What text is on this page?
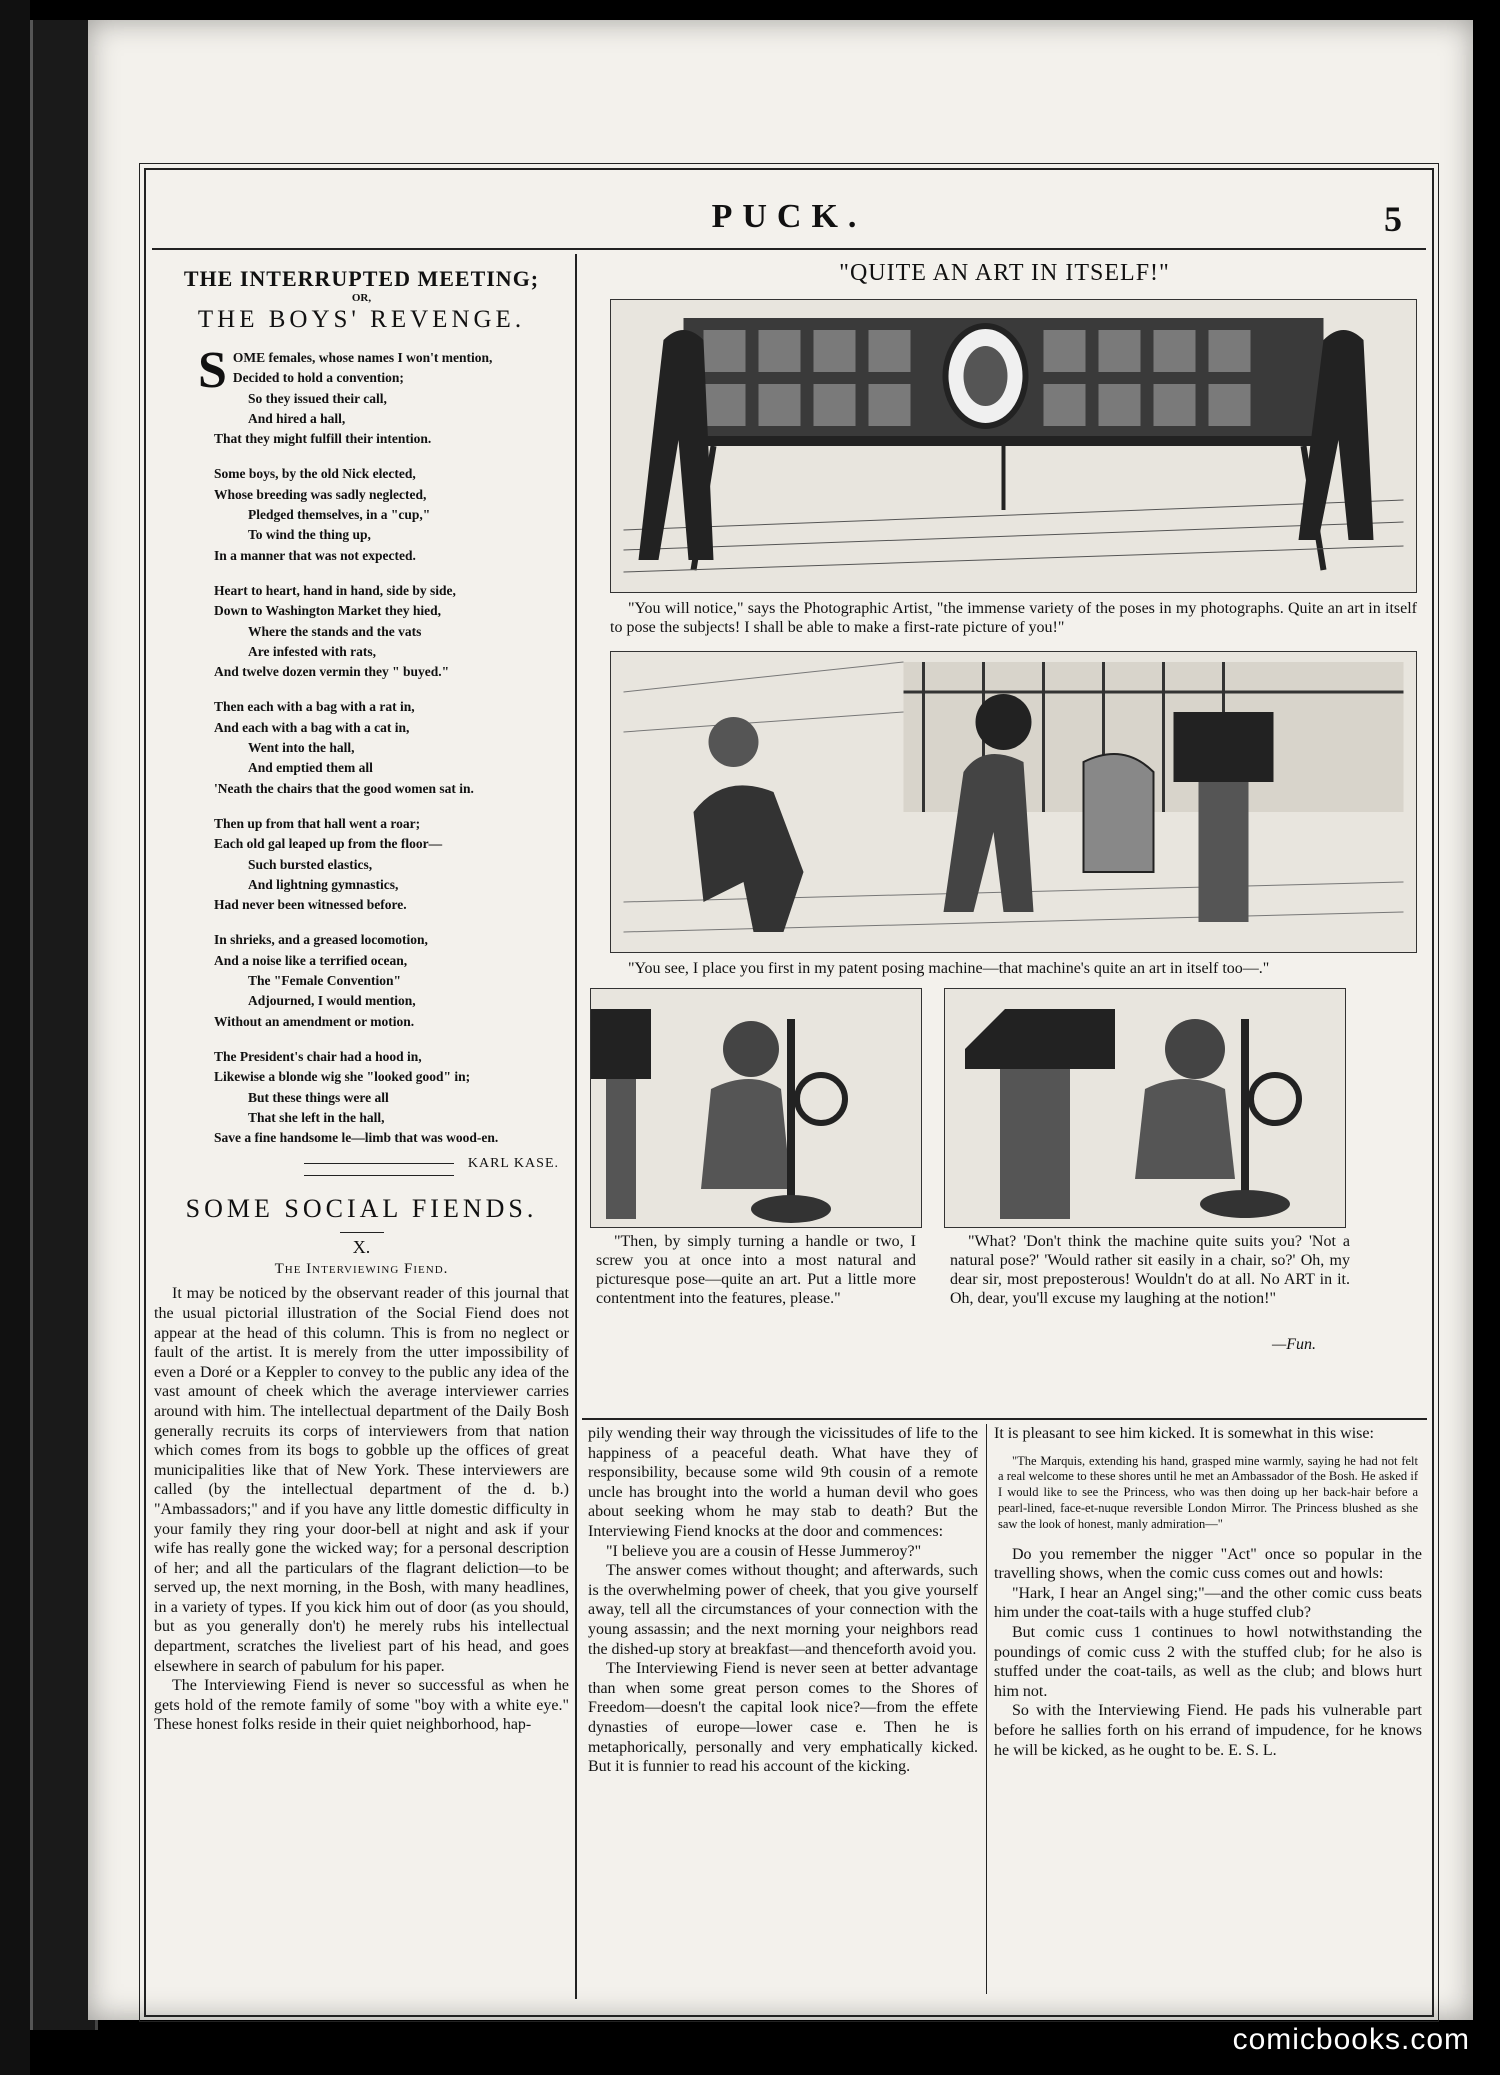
PUCK.	5
THE INTERRUPTED MEETING;
OR,
THE BOYS' REVENGE.
SOME females, whose names I won't mention,
Decided to hold a convention;
So they issued their call,
And hired a hall,
That they might fulfill their intention.
Some boys, by the old Nick elected,
Whose breeding was sadly neglected,
Pledged themselves, in a "cup,"
To wind the thing up,
In a manner that was not expected.
Heart to heart, hand in hand, side by side,
Down to Washington Market they hied,
Where the stands and the vats
Are infested with rats,
And twelve dozen vermin they " buyed."
Then each with a bag with a rat in,
And each with a bag with a cat in,
Went into the hall,
And emptied them all
'Neath the chairs that the good women sat in.
Then up from that hall went a roar;
Each old gal leaped up from the floor—
Such bursted elastics,
And lightning gymnastics,
Had never been witnessed before.
In shrieks, and a greased locomotion,
And a noise like a terrified ocean,
The "Female Convention"
Adjourned, I would mention,
Without an amendment or motion.
The President's chair had a hood in,
Likewise a blonde wig she "looked good" in;
But these things were all
That she left in the hall,
Save a fine handsome le—limb that was wood-en.
KARL KASE.
SOME SOCIAL FIENDS.
X.
The Interviewing Fiend.

It may be noticed by the observant reader of this journal that the usual pictorial illustration of the Social Fiend does not appear at the head of this column. This is from no neglect or fault of the artist. It is merely from the utter impossibility of even a Doré or a Keppler to convey to the public any idea of the vast amount of cheek which the average interviewer carries around with him. The intellectual department of the Daily Bosh generally recruits its corps of interviewers from that nation which comes from its bogs to gobble up the offices of great municipalities like that of New York. These interviewers are called (by the intellectual department of the d. b.) "Ambassadors;" and if you have any little domestic difficulty in your family they ring your door-bell at night and ask if your wife has really gone the wicked way; for a personal description of her; and all the particulars of the flagrant deliction—to be served up, the next morning, in the Bosh, with many headlines, in a variety of types. If you kick him out of door (as you should, but as you generally don't) he merely rubs his intellectual department, scratches the liveliest part of his head, and goes elsewhere in search of pabulum for his paper.

The Interviewing Fiend is never so successful as when he gets hold of the remote family of some "boy with a white eye." These honest folks reside in their quiet neighborhood, hap-

"QUITE AN ART IN ITSELF!"

"You will notice," says the Photographic Artist, "the immense variety of the poses in my photographs. Quite an art in itself to pose the subjects! I shall be able to make a first-rate picture of you!"

"You see, I place you first in my patent posing machine—that machine's quite an art in itself too—."

"Then, by simply turning a handle or two, I screw you at once into a most natural and picturesque pose—quite an art. Put a little more contentment into the features, please."

"What? 'Don't think the machine quite suits you? 'Not a natural pose?' 'Would rather sit easily in a chair, so?' Oh, my dear sir, most preposterous! Wouldn't do at all. No ART in it. Oh, dear, you'll excuse my laughing at the notion!"

—Fun.

pily wending their way through the vicissitudes of life to the happiness of a peaceful death. What have they of responsibility, because some wild 9th cousin of a remote uncle has brought into the world a human devil who goes about seeking whom he may stab to death? But the Interviewing Fiend knocks at the door and commences:

"I believe you are a cousin of Hesse Jummeroy?"

The answer comes without thought; and afterwards, such is the overwhelming power of cheek, that you give yourself away, tell all the circumstances of your connection with the young assassin; and the next morning your neighbors read the dished-up story at breakfast—and thenceforth avoid you.

The Interviewing Fiend is never seen at better advantage than when some great person comes to the Shores of Freedom—doesn't the capital look nice?—from the effete dynasties of europe—lower case e. Then he is metaphorically, personally and very emphatically kicked. But it is funnier to read his account of the kicking.

It is pleasant to see him kicked. It is somewhat in this wise:

"The Marquis, extending his hand, grasped mine warmly, saying he had not felt a real welcome to these shores until he met an Ambassador of the Bosh. He asked if I would like to see the Princess, who was then doing up her back-hair before a pearl-lined, face-et-nuque reversible London Mirror. The Princess blushed as she saw the look of honest, manly admiration—"

Do you remember the nigger "Act" once so popular in the travelling shows, when the comic cuss comes out and howls:

"Hark, I hear an Angel sing;"—and the other comic cuss beats him under the coat-tails with a huge stuffed club?

But comic cuss 1 continues to howl notwithstanding the poundings of comic cuss 2 with the stuffed club; for he also is stuffed under the coat-tails, as well as the club; and blows hurt him not.

So with the Interviewing Fiend. He pads his vulnerable part before he sallies forth on his errand of impudence, for he knows he will be kicked, as he ought to be. E. S. L.

comicbooks.com
